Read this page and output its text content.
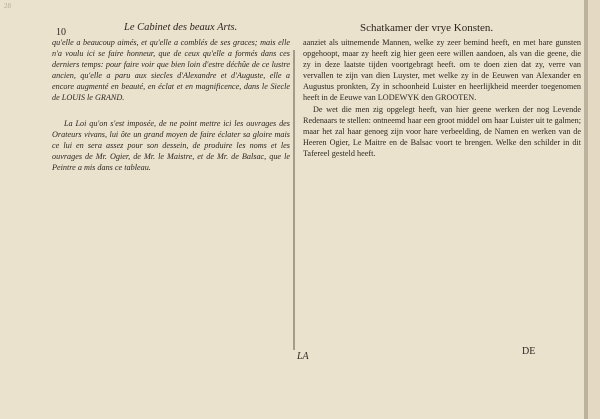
28
10	Le Cabinet des beaux Arts.	Schatkamer der vrye Konsten.

qu'elle a beaucoup aimés, et qu'elle a comblés de ses graces; mais elle n'a voulu ici se faire honneur, que de ceux qu'elle a formés dans ces derniers temps: pour faire voir que bien loin d'estre déchûe de ce lustre ancien, qu'elle a paru aux siecles d'Alexandre et d'Auguste, elle a encore augmenté en beauté, en éclat et en magnificence, dans le Siecle de LOUIS le GRAND.

La Loi qu'on s'est imposée, de ne point mettre ici les ouvrages des Orateurs vivans, lui ôte un grand moyen de faire éclater sa gloire mais ce lui en sera assez pour son dessein, de produire les noms et les ouvrages de Mr. Ogier, de Mr. le Maistre, et de Mr. de Balsac, que le Peintre a mis dans ce tableau.

aanziet als uitnemende Mannen, welke zy zeer bemind heeft, en met hare gunsten opgehoopt, maar zy heeft zig hier geen eere willen aandoen, als van die geene, die zy in deze laatste tijden voortgebragt heeft. om te doen zien dat zy, verre van vervallen te zijn van dien Luyster, met welke zy in de Eeuwen van Alexander en Augustus pronkten, Zy in schoonheid Luister en heerlijkheid meerder toegenomen heeft in de Eeuwe van LODEWYK den GROOTEN.

De wet die men zig opgelegt heeft, van hier geene werken der nog Levende Redenaars te stellen: ontneemd haar een groot middel om haar Luister uit te galmen; maar het zal haar genoeg zijn voor hare verbeelding, de Namen en werken van de Heeren Ogier, Le Maitre en de Balsac voort te brengen. Welke den schilder in dit Tafereel gesteld heeft.

LA	DE
